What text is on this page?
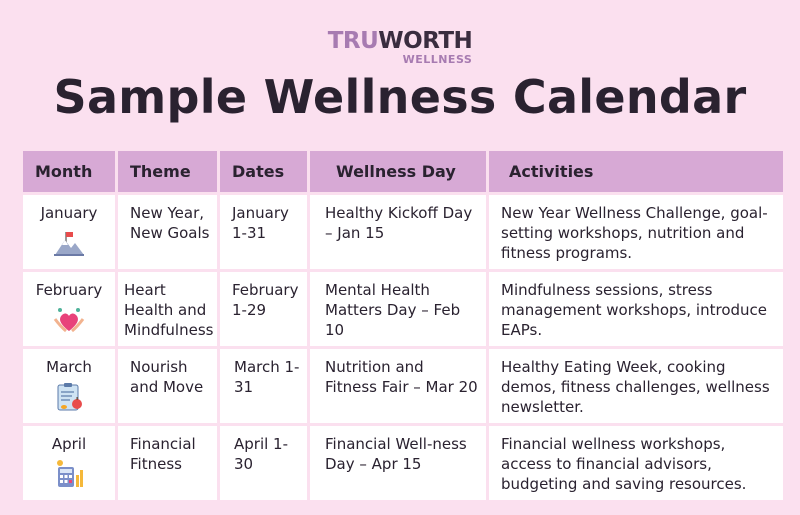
TRUWORTH
WELLNESS
Sample Wellness Calendar
Month	Theme	Dates	Wellness Day	Activities

January	New Year, New Goals	January 1-31	Healthy Kickoff Day – Jan 15	New Year Wellness Challenge, goal-setting workshops, nutrition and fitness programs.

February	Heart Health and Mindfulness	February 1-29	Mental Health Matters Day – Feb 10	Mindfulness sessions, stress management workshops, introduce EAPs.

March	Nourish and Move	March 1-31	Nutrition and Fitness Fair – Mar 20	Healthy Eating Week, cooking demos, fitness challenges, wellness newsletter.

April	Financial Fitness	April 1-30	Financial Well-ness Day – Apr 15	Financial wellness workshops, access to financial advisors, budgeting and saving resources.
